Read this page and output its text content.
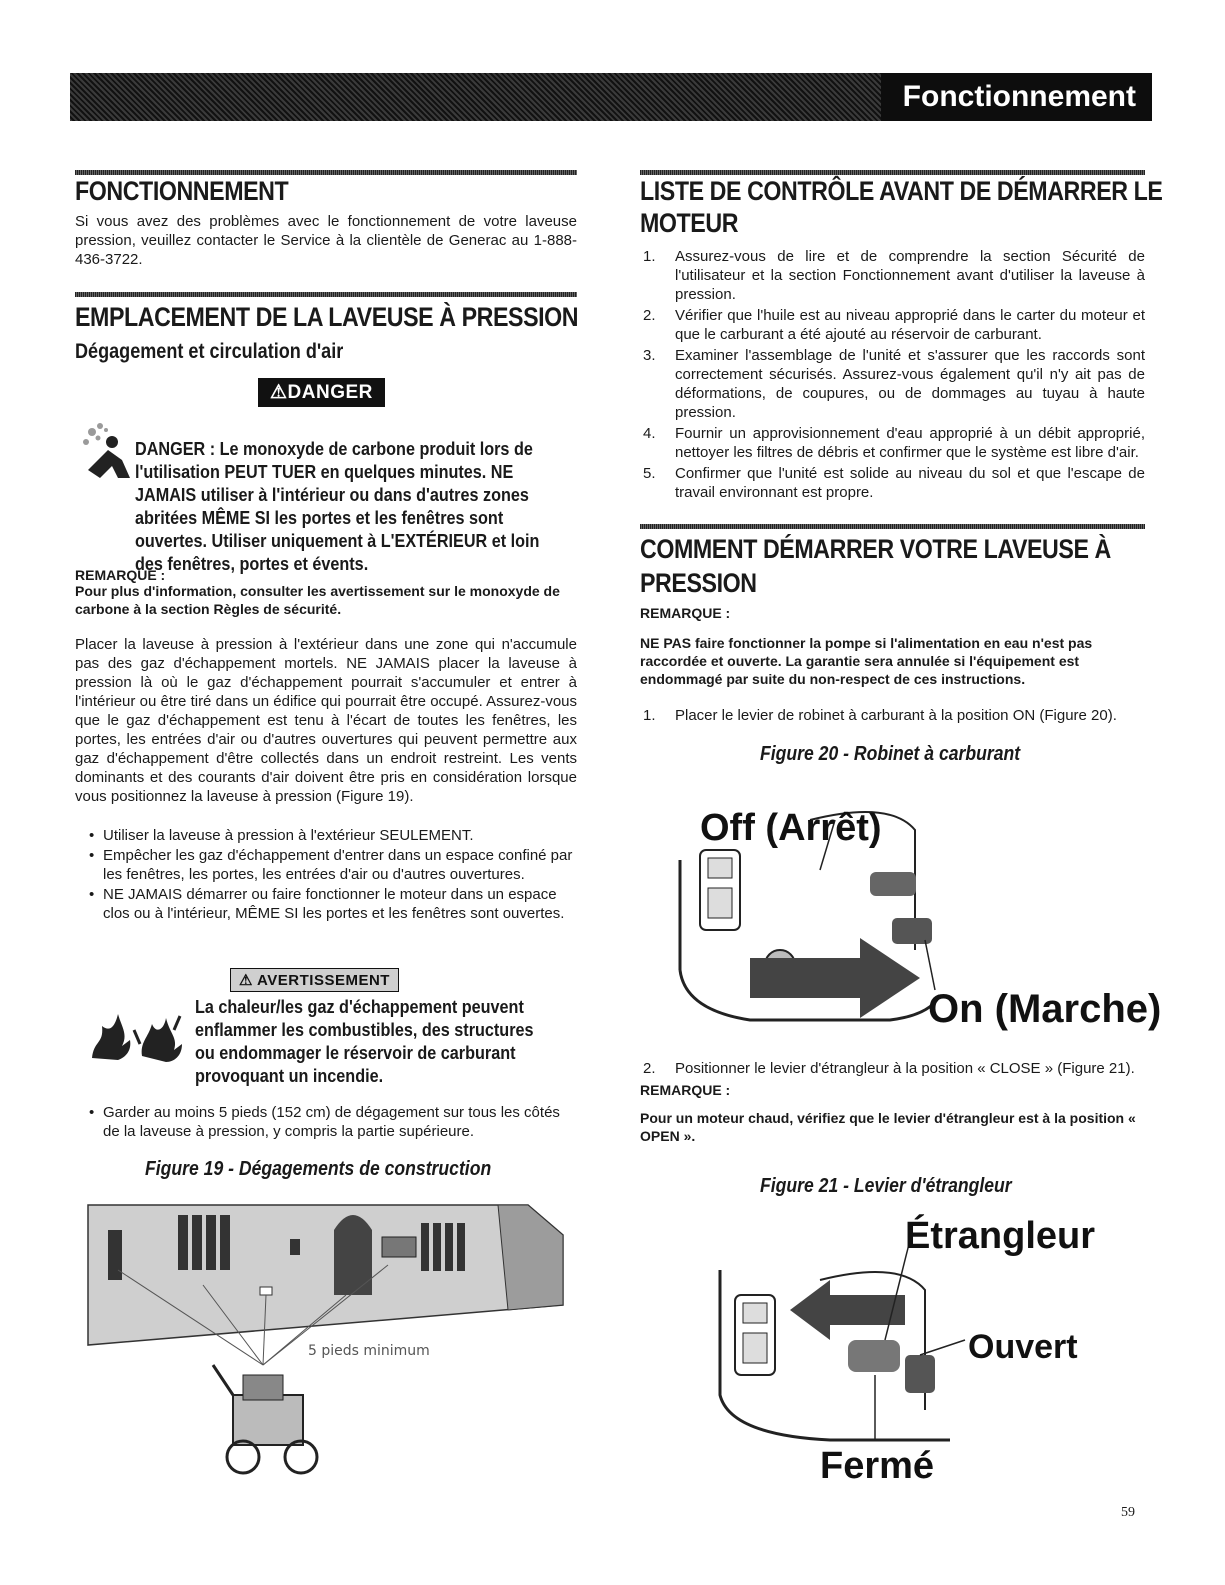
Fonctionnement
FONCTIONNEMENT

Si vous avez des problèmes avec le fonctionnement de votre laveuse pression, veuillez contacter le Service à la clientèle de Generac au 1-888-436-3722.

EMPLACEMENT DE LA LAVEUSE À PRESSION
Dégagement et circulation d'air
⚠DANGER
DANGER : Le monoxyde de carbone produit lors de l'utilisation PEUT TUER en quelques minutes. NE JAMAIS utiliser à l'intérieur ou dans d'autres zones abritées MÊME SI les portes et les fenêtres sont ouvertes. Utiliser uniquement à L'EXTÉRIEUR et loin des fenêtres, portes et évents.

REMARQUE :

Pour plus d'information, consulter les avertissement sur le monoxyde de carbone à la section Règles de sécurité.

Placer la laveuse à pression à l'extérieur dans une zone qui n'accumule pas des gaz d'échappement mortels. NE JAMAIS placer la laveuse à pression là où le gaz d'échappement pourrait s'accumuler et entrer à l'intérieur ou être tiré dans un édifice qui pourrait être occupé. Assurez-vous que le gaz d'échappement est tenu à l'écart de toutes les fenêtres, les portes, les entrées d'air ou d'autres ouvertures qui peuvent permettre aux gaz d'échappement d'être collectés dans un endroit restreint. Les vents dominants et des courants d'air doivent être pris en considération lorsque vous positionnez la laveuse à pression (Figure 19).

• Utiliser la laveuse à pression à l'extérieur SEULEMENT.
• Empêcher les gaz d'échappement d'entrer dans un espace confiné par les fenêtres, les portes, les entrées d'air ou d'autres ouvertures.
• NE JAMAIS démarrer ou faire fonctionner le moteur dans un espace clos ou à l'intérieur, MÊME SI les portes et les fenêtres sont ouvertes.
⚠ AVERTISSEMENT
La chaleur/les gaz d'échappement peuvent enflammer les combustibles, des structures ou endommager le réservoir de carburant provoquant un incendie.
• Garder au moins 5 pieds (152 cm) de dégagement sur tous les côtés de la laveuse à pression, y compris la partie supérieure.
Figure 19 - Dégagements de construction
5 pieds minimum
LISTE DE CONTRÔLE AVANT DE DÉMARRER LE
MOTEUR
1. Assurez-vous de lire et de comprendre la section Sécurité de l'utilisateur et la section Fonctionnement avant d'utiliser la laveuse à pression.
2. Vérifier que l'huile est au niveau approprié dans le carter du moteur et que le carburant a été ajouté au réservoir de carburant.
3. Examiner l'assemblage de l'unité et s'assurer que les raccords sont correctement sécurisés. Assurez-vous également qu'il n'y ait pas de déformations, de coupures, ou de dommages au tuyau à haute pression.
4. Fournir un approvisionnement d'eau approprié à un débit approprié, nettoyer les filtres de débris et confirmer que le système est libre d'air.
5. Confirmer que l'unité est solide au niveau du sol et que l'escape de travail environnant est propre.
COMMENT DÉMARRER VOTRE LAVEUSE À
PRESSION

REMARQUE :

NE PAS faire fonctionner la pompe si l'alimentation en eau n'est pas raccordée et ouverte. La garantie sera annulée si l'équipement est endommagé par suite du non-respect de ces instructions.

1. Placer le levier de robinet à carburant à la position ON (Figure 20).
Figure 20 - Robinet à carburant
Off (Arrêt)
On (Marche)
2. Positionner le levier d'étrangleur à la position « CLOSE » (Figure 21).

REMARQUE :

Pour un moteur chaud, vérifiez que le levier d'étrangleur est à la position « OPEN ».

Figure 21 - Levier d'étrangleur
Étrangleur
Ouvert
Fermé
59
